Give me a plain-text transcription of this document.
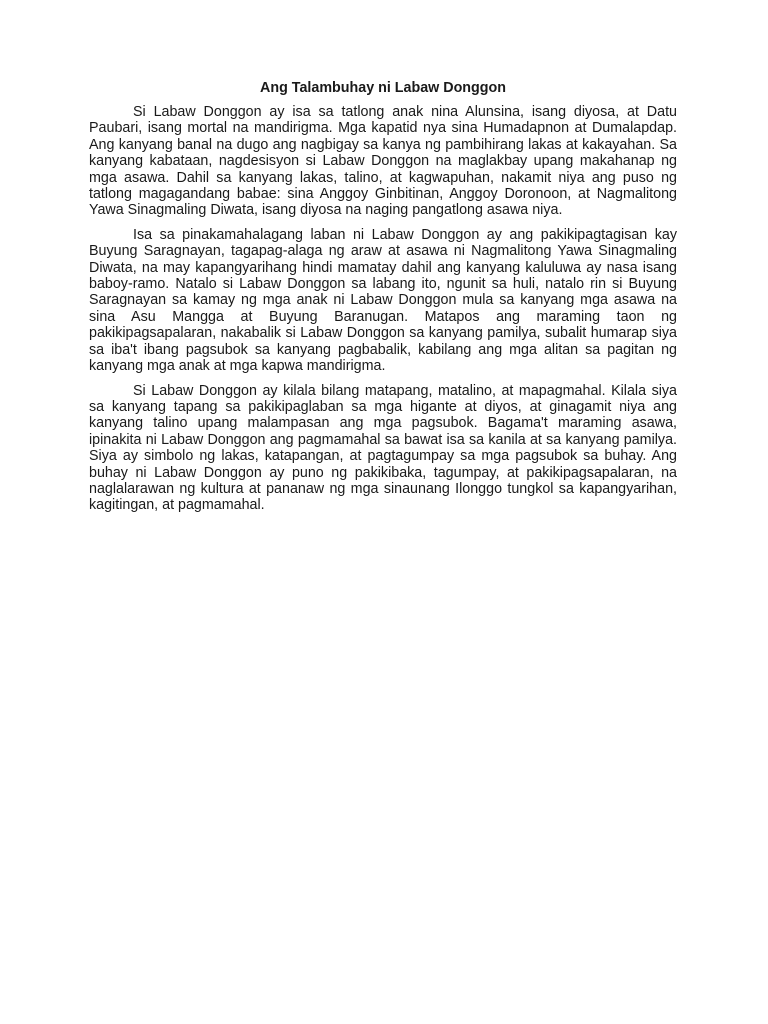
Ang Talambuhay ni Labaw Donggon

Si Labaw Donggon ay isa sa tatlong anak nina Alunsina, isang diyosa, at Datu Paubari, isang mortal na mandirigma. Mga kapatid nya sina Humadapnon at Dumalapdap. Ang kanyang banal na dugo ang nagbigay sa kanya ng pambihirang lakas at kakayahan. Sa kanyang kabataan, nagdesisyon si Labaw Donggon na maglakbay upang makahanap ng mga asawa. Dahil sa kanyang lakas, talino, at kagwapuhan, nakamit niya ang puso ng tatlong magagandang babae: sina Anggoy Ginbitinan, Anggoy Doronoon, at Nagmalitong Yawa Sinagmaling Diwata, isang diyosa na naging pangatlong asawa niya.

Isa sa pinakamahalagang laban ni Labaw Donggon ay ang pakikipagtagisan kay Buyung Saragnayan, tagapag-alaga ng araw at asawa ni Nagmalitong Yawa Sinagmaling Diwata, na may kapangyarihang hindi mamatay dahil ang kanyang kaluluwa ay nasa isang baboy-ramo. Natalo si Labaw Donggon sa labang ito, ngunit sa huli, natalo rin si Buyung Saragnayan sa kamay ng mga anak ni Labaw Donggon mula sa kanyang mga asawa na sina Asu Mangga at Buyung Baranugan. Matapos ang maraming taon ng pakikipagsapalaran, nakabalik si Labaw Donggon sa kanyang pamilya, subalit humarap siya sa iba't ibang pagsubok sa kanyang pagbabalik, kabilang ang mga alitan sa pagitan ng kanyang mga anak at mga kapwa mandirigma.

Si Labaw Donggon ay kilala bilang matapang, matalino, at mapagmahal. Kilala siya sa kanyang tapang sa pakikipaglaban sa mga higante at diyos, at ginagamit niya ang kanyang talino upang malampasan ang mga pagsubok. Bagama't maraming asawa, ipinakita ni Labaw Donggon ang pagmamahal sa bawat isa sa kanila at sa kanyang pamilya. Siya ay simbolo ng lakas, katapangan, at pagtagumpay sa mga pagsubok sa buhay. Ang buhay ni Labaw Donggon ay puno ng pakikibaka, tagumpay, at pakikipagsapalaran, na naglalarawan ng kultura at pananaw ng mga sinaunang Ilonggo tungkol sa kapangyarihan, kagitingan, at pagmamahal.
